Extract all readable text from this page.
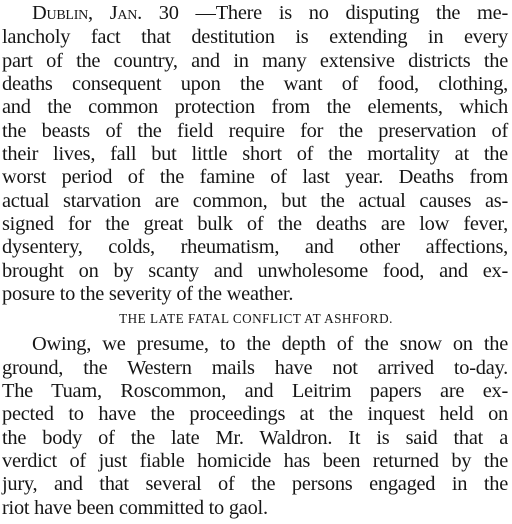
Dublin, Jan. 30 —There is no disputing the me-
lancholy fact that destitution is extending in every
part of the country, and in many extensive districts the
deaths consequent upon the want of food, clothing,
and the common protection from the elements, which
the beasts of the field require for the preservation of
their lives, fall but little short of the mortality at the
worst period of the famine of last year. Deaths from
actual starvation are common, but the actual causes as-
signed for the great bulk of the deaths are low fever,
dysentery, colds, rheumatism, and other affections,
brought on by scanty and unwholesome food, and ex-
posure to the severity of the weather.
THE LATE FATAL CONFLICT AT ASHFORD.
Owing, we presume, to the depth of the snow on the
ground, the Western mails have not arrived to-day.
The Tuam, Roscommon, and Leitrim papers are ex-
pected to have the proceedings at the inquest held on
the body of the late Mr. Waldron. It is said that a
verdict of just fiable homicide has been returned by the
jury, and that several of the persons engaged in the
riot have been committed to gaol.
